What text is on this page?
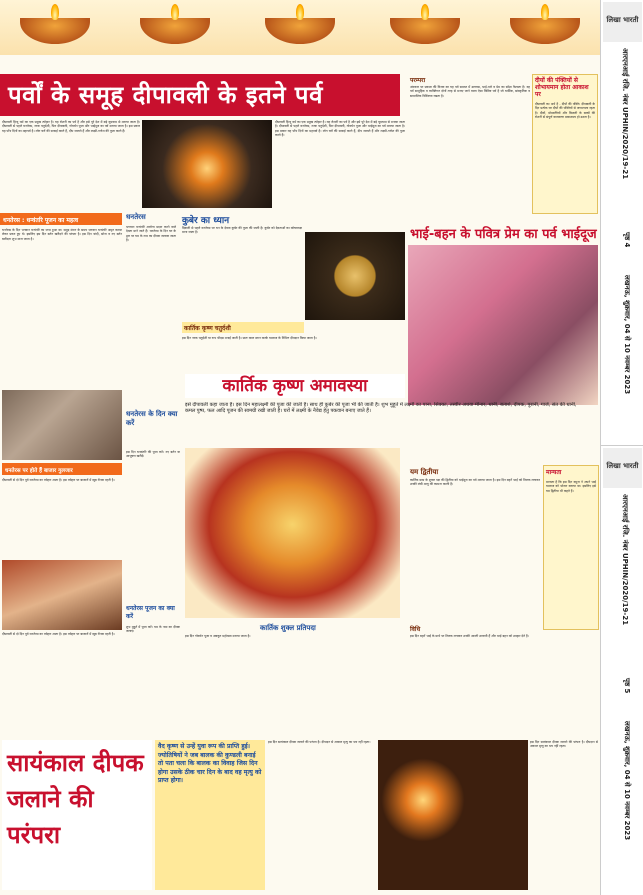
लिखा भारती
आरएनआई रजि. नंबर UPHIN/2020/19-21
पृष्ठ 4
लखनऊ, शुक्रवार, 04 से 10 नवम्बर 2023
पर्वों के समूह दीपावली के इतने पर्व
दीपावली हिन्दू धर्म का एक प्रमुख त्योहार है। यह रोशनी का पर्व है और इसे पूरे देश में बड़े धूमधाम से मनाया जाता है। दीपावली से पहले धनतेरस, नरक चतुर्दशी, फिर दीपावली, गोवर्धन पूजा और भाईदूज का पर्व मनाया जाता है। इस प्रकार यह पाँच दिनों का महापर्व है। लोग घरों की सफाई करते हैं, दीप जलाते हैं और लक्ष्मी-गणेश की पूजा करते हैं।
दीपावली हिन्दू धर्म का एक प्रमुख त्योहार है। यह रोशनी का पर्व है और इसे पूरे देश में बड़े धूमधाम से मनाया जाता है। दीपावली से पहले धनतेरस, नरक चतुर्दशी, फिर दीपावली, गोवर्धन पूजा और भाईदूज का पर्व मनाया जाता है। इस प्रकार यह पाँच दिनों का महापर्व है। लोग घरों की सफाई करते हैं, दीप जलाते हैं और लक्ष्मी-गणेश की पूजा करते हैं।
परम्परा
अंधकार पर प्रकाश की विजय का यह पर्व समाज में उल्लास, भाई-चारे व प्रेम का संदेश फैलाता है। यह पर्व सामूहिक व व्यक्तिगत दोनों तरह से मनाए जाने वाला ऐसा विशिष्ट पर्व है जो धार्मिक, सांस्कृतिक व सामाजिक विशिष्टता रखता है।
दीयों की पंक्तियों से शोभायमान होता आकाश पर
दीपावली का अर्थ है - दीपों की पंक्ति। दीपावली के दिन प्रत्येक घर दीपों की पंक्तियों से जगमगाता रहता है। दीयों, मोमबत्तियों और बिजली के बल्बों की रोशनी से संपूर्ण वातावरण प्रकाशमय हो उठता है।
धनतेरस : धन्वंतरि पूजन का महत्व
धनतेरस के दिन भगवान धन्वंतरि का जन्म हुआ था। समुद्र मंथन के समय भगवान धन्वंतरि अमृत कलश लेकर प्रकट हुए थे। इसलिए इस दिन बर्तन खरीदने की परंपरा है। इस दिन चांदी, सोना व नए बर्तन खरीदना शुभ माना जाता है।
धनतेरस
भगवान धन्वंतरि आरोग्य प्रदान करने वाले देवता माने जाते हैं। धनतेरस के दिन घर के द्वार पर यम के नाम का दीपक जलाया जाता है।
कुबेर का ध्यान
दिवाली से पहले धनतेरस पर धन के देवता कुबेर की पूजा की जाती है। कुबेर को देवताओं का कोषाध्यक्ष माना जाता है।
कार्तिक कृष्ण चतुर्दशी
इस दिन नरक चतुर्दशी या रूप चौदस मनाई जाती है। प्रातः काल स्नान करके यमराज के निमित्त दीपदान किया जाता है।
भाई-बहन के पवित्र प्रेम का पर्व भाईदूज
कार्तिक कृष्ण अमावस्या
इसे दीपावली कहा जाता है। इस दिन महालक्ष्मी की पूजा की जाती है। साथ ही कुबेर की पूजा भी की जाती है। शुभ मुहूर्त में लक्ष्मी का पाना, सिक्का, तस्वीर अथवा मीनार, धानी, बताशे, दीपक, पुरानी, गाजें, संत की धानी, कमल पुष्प, फल आदि पूजन की सामग्री रखी जाती है। घरों में लक्ष्मी के नैवेद्य हेतु पकवान बनाए जाते हैं।
लिखा भारती
आरएनआई रजि. नंबर UPHIN/2020/19-21
पृष्ठ 5
लखनऊ, शुक्रवार, 04 से 10 नवम्बर 2023
धनतेरस के दिन क्या करें
इस दिन धनवंतरि की पूजा करें। नए बर्तन या आभूषण खरीदें।
धनतेरस पर होते हैं बाजार गुलजार
दीपावली से दो दिन पूर्व धनतेरस का त्योहार आता है। इस त्योहार पर बाजारों में खूब रौनक रहती है।
दीपावली से दो दिन पूर्व धनतेरस का त्योहार आता है। इस त्योहार पर बाजारों में खूब रौनक रहती है।
धनतेरस पूजन का क्या करें
शुभ मुहूर्त में पूजा करें। यम के नाम का दीपक जलाएं।	कार्तिक शुक्ल प्रतिपदा
इस दिन गोवर्धन पूजा व अन्नकूट महोत्सव मनाया जाता है।
यम द्वितीया
कार्तिक मास के शुक्ल पक्ष की द्वितीया को भाईदूज का पर्व मनाया जाता है। इस दिन बहनें भाई को तिलक लगाकर उनकी लंबी आयु की कामना करती हैं।
विधि
इस दिन बहनें भाई के माथे पर तिलक लगाकर उनकी आरती उतारती हैं और भाई बहन को उपहार देते हैं।
मान्यता
मान्यता है कि इस दिन यमुना ने अपने भाई यमराज को भोजन कराया था। इसलिए इसे यम द्वितीया भी कहते हैं।
सायंकाल दीपक जलाने की परंपरा
वैद कृष्ण से उन्हें युवा रूप की प्राप्ति हुई। ज्योतिषियों ने जब बालक की कुण्डली बनाई तो पता चला कि बालक का विवाह जिस दिन होगा उसके ठीक चार दिन के बाद वह मृत्यु को प्राप्त होगा।
इस दिन सायंकाल दीपक जलाने की परंपरा है। दीपदान से अकाल मृत्यु का भय नहीं रहता।	इस दिन सायंकाल दीपक जलाने की परंपरा है। दीपदान से अकाल मृत्यु का भय नहीं रहता।
